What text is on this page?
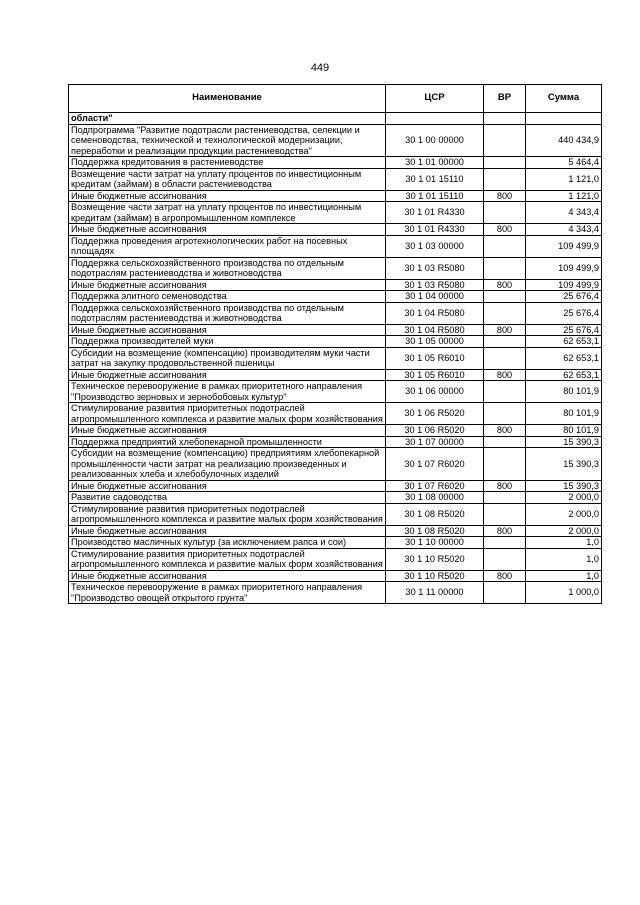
449
Наименование	ЦСР	ВР	Сумма
области"			
Подпрограмма "Развитие подотрасли растениеводства, селекции и семеноводства, технической и технологической модернизации, переработки и реализации продукции растениеводства"	30 1 00 00000		440 434,9
Поддержка кредитования в растениеводстве	30 1 01 00000		5 464,4
Возмещение части затрат на уплату процентов по инвестиционным кредитам (займам) в области растениеводства	30 1 01 15110		1 121,0
Иные бюджетные ассигнования	30 1 01 15110	800	1 121,0
Возмещение части затрат на уплату процентов по инвестиционным кредитам (займам) в агропромышленном комплексе	30 1 01 R4330		4 343,4
Иные бюджетные ассигнования	30 1 01 R4330	800	4 343,4
Поддержка проведения агротехнологических работ на посевных площадях	30 1 03 00000		109 499,9
Поддержка сельскохозяйственного производства по отдельным подотраслям растениеводства и животноводства	30 1 03 R5080		109 499,9
Иные бюджетные ассигнования	30 1 03 R5080	800	109 499,9
Поддержка элитного семеноводства	30 1 04 00000		25 676,4
Поддержка сельскохозяйственного производства по отдельным подотраслям растениеводства и животноводства	30 1 04 R5080		25 676,4
Иные бюджетные ассигнования	30 1 04 R5080	800	25 676,4
Поддержка производителей муки	30 1 05 00000		62 653,1
Субсидии на возмещение (компенсацию) производителям муки части затрат на закупку продовольственной пшеницы	30 1 05 R6010		62 653,1
Иные бюджетные ассигнования	30 1 05 R6010	800	62 653,1
Техническое перевооружение в рамках приоритетного направления "Производство зерновых и зернобобовых культур"	30 1 06 00000		80 101,9
Стимулирование развития приоритетных подотраслей агропромышленного комплекса и развитие малых форм хозяйствования	30 1 06 R5020		80 101,9
Иные бюджетные ассигнования	30 1 06 R5020	800	80 101,9
Поддержка предприятий хлебопекарной промышленности	30 1 07 00000		15 390,3
Субсидии на возмещение (компенсацию) предприятиям хлебопекарной промышленности части затрат на реализацию произведенных и реализованных хлеба и хлебобулочных изделий	30 1 07 R6020		15 390,3
Иные бюджетные ассигнования	30 1 07 R6020	800	15 390,3
Развитие садоводства	30 1 08 00000		2 000,0
Стимулирование развития приоритетных подотраслей агропромышленного комплекса и развитие малых форм хозяйствования	30 1 08 R5020		2 000,0
Иные бюджетные ассигнования	30 1 08 R5020	800	2 000,0
Производство масличных культур (за исключением рапса и сои)	30 1 10 00000		1,0
Стимулирование развития приоритетных подотраслей агропромышленного комплекса и развитие малых форм хозяйствования	30 1 10 R5020		1,0
Иные бюджетные ассигнования	30 1 10 R5020	800	1,0
Техническое перевооружение в рамках приоритетного направления "Производство овощей открытого грунта"	30 1 11 00000		1 000,0
